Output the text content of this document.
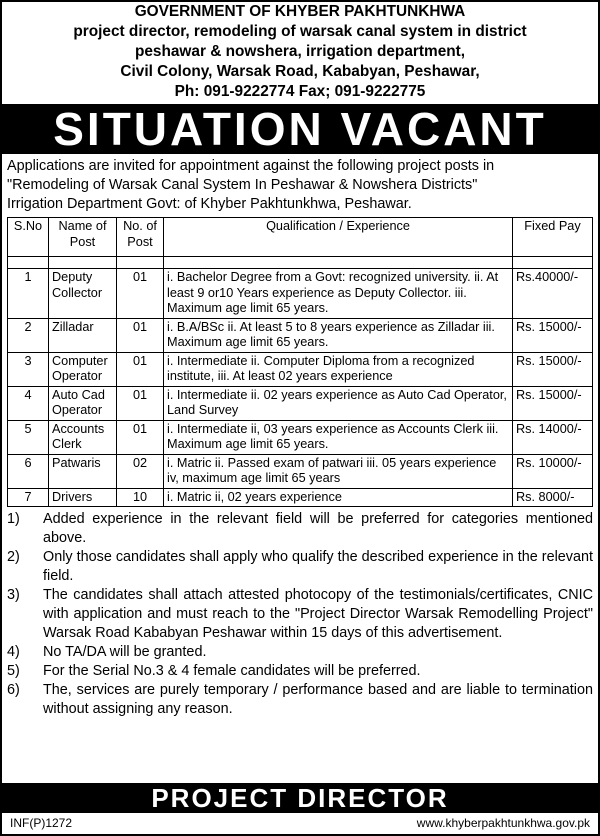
GOVERNMENT OF KHYBER PAKHTUNKHWA
project director, remodeling of warsak canal system in district
peshawar & nowshera, irrigation department,
Civil Colony, Warsak Road, Kababyan, Peshawar,
Ph: 091-9222774 Fax; 091-9222775
SITUATION VACANT
Applications are invited for appointment against the following project posts in
"Remodeling of Warsak Canal System In Peshawar & Nowshera Districts"
Irrigation Department Govt: of Khyber Pakhtunkhwa, Peshawar.
S.No	Name of Post	No. of Post	Qualification / Experience	Fixed Pay

1	Deputy Collector	01	i. Bachelor Degree from a Govt: recognized university. ii. At least 9 or10 Years experience as Deputy Collector. iii. Maximum age limit 65 years.	Rs.40000/-
2	Zilladar	01	i. B.A/BSc ii. At least 5 to 8 years experience as Zilladar iii. Maximum age limit 65 years.	Rs. 15000/-
3	Computer Operator	01	i. Intermediate ii. Computer Diploma from a recognized institute, iii. At least 02 years experience	Rs. 15000/-
4	Auto Cad Operator	01	i. Intermediate ii. 02 years experience as Auto Cad Operator, Land Survey	Rs. 15000/-
5	Accounts Clerk	01	i. Intermediate ii, 03 years experience as Accounts Clerk iii. Maximum age limit 65 years.	Rs. 14000/-
6	Patwaris	02	i. Matric ii. Passed exam of patwari iii. 05 years experience iv, maximum age limit 65 years	Rs. 10000/-
7	Drivers	10	i. Matric ii, 02 years experience	Rs. 8000/-
1)	Added experience in the relevant field will be preferred for categories mentioned above.
2)	Only those candidates shall apply who qualify the described experience in the relevant field.
3)	The candidates shall attach attested photocopy of the testimonials/certificates, CNIC with application and must reach to the "Project Director Warsak Remodelling Project" Warsak Road Kababyan Peshawar within 15 days of this advertisement.
4)	No TA/DA will be granted.
5)	For the Serial No.3 & 4 female candidates will be preferred.
6)	The, services are purely temporary / performance based and are liable to termination without assigning any reason.
PROJECT DIRECTOR
INF(P)1272	www.khyberpakhtunkhwa.gov.pk
